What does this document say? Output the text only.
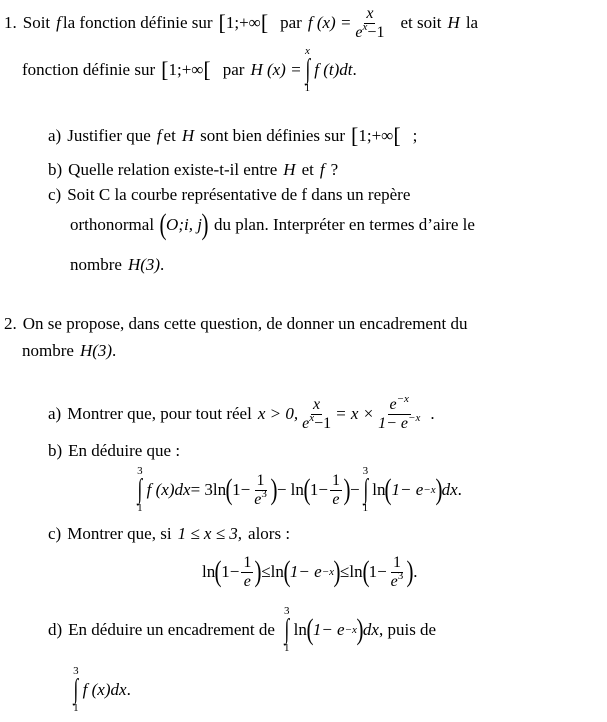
1. Soit f la fonction définie sur [ 1;+∞ [ par f $(x) = \frac{x}{e^x-1}$ et soit H la
fonction définie sur [ 1;+∞ [ par H (x) =
x
∫
1
f (t)dt .
a) Justifier que f et H sont bien définies sur [ 1;+∞ [ ;
b) Quelle relation existe-t-il entre H et f ?
c) Soit C la courbe représentative de f dans un repère
orthonormal ( O;i, j ) du plan. Interpréter en termes d’aire le
nombre H(3) .
2. On se propose, dans cette question, de donner un encadrement du
nombre H(3) .
a) Montrer que, pour tout réel x > 0, $\frac{x}{e^x-1} = x \times \frac{e^{-x}}{1- e^{-x}}$ .
b) En déduire que :
3
∫
1
f (x)dx = 3ln ( $1- \frac{1}{e^3}$ ) − ln ( $1- \frac{1}{e}$ ) −
3
∫
1
ln ( 1− e −x ) dx .
c) Montrer que, si 1 ≤ x ≤ 3, alors :
ln ( $1- \frac{1}{e}$ ) ≤ ln ( 1− e −x ) ≤ ln ( $1- \frac{1}{e^3}$ ) .
d) En déduire un encadrement de
3
∫
1
ln ( 1− e −x ) dx , puis de
3
∫
1
f (x)dx .
